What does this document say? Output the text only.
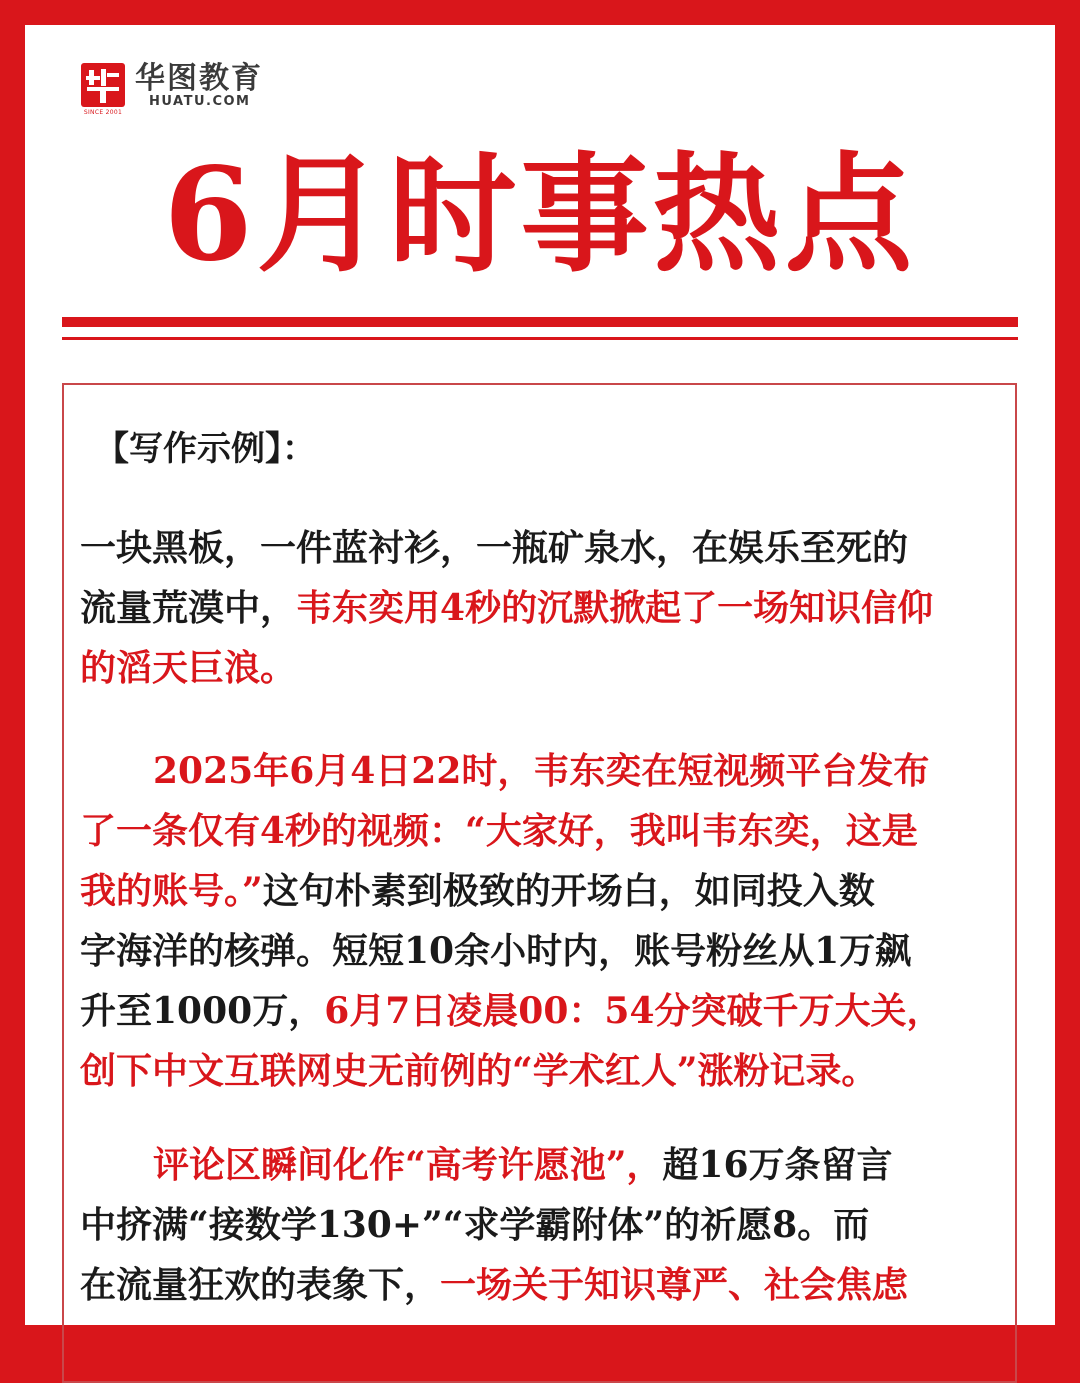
SINCE 2001
华图教育
HUATU.COM
6月时事热点
【写作示例】：
一块黑板，一件蓝衬衫，一瓶矿泉水，在娱乐至死的
流量荒漠中，韦东奕用4秒的沉默掀起了一场知识信仰
的滔天巨浪。
2025年6月4日22时，韦东奕在短视频平台发布
了一条仅有4秒的视频：“大家好，我叫韦东奕，这是
我的账号。”这句朴素到极致的开场白，如同投入数
字海洋的核弹。短短10余小时内，账号粉丝从1万飙
升至1000万，6月7日凌晨00：54分突破千万大关，
创下中文互联网史无前例的“学术红人”涨粉记录。
评论区瞬间化作“高考许愿池”，超16万条留言
中挤满“接数学130+”“求学霸附体”的祈愿8。而
在流量狂欢的表象下，一场关于知识尊严、社会焦虑
